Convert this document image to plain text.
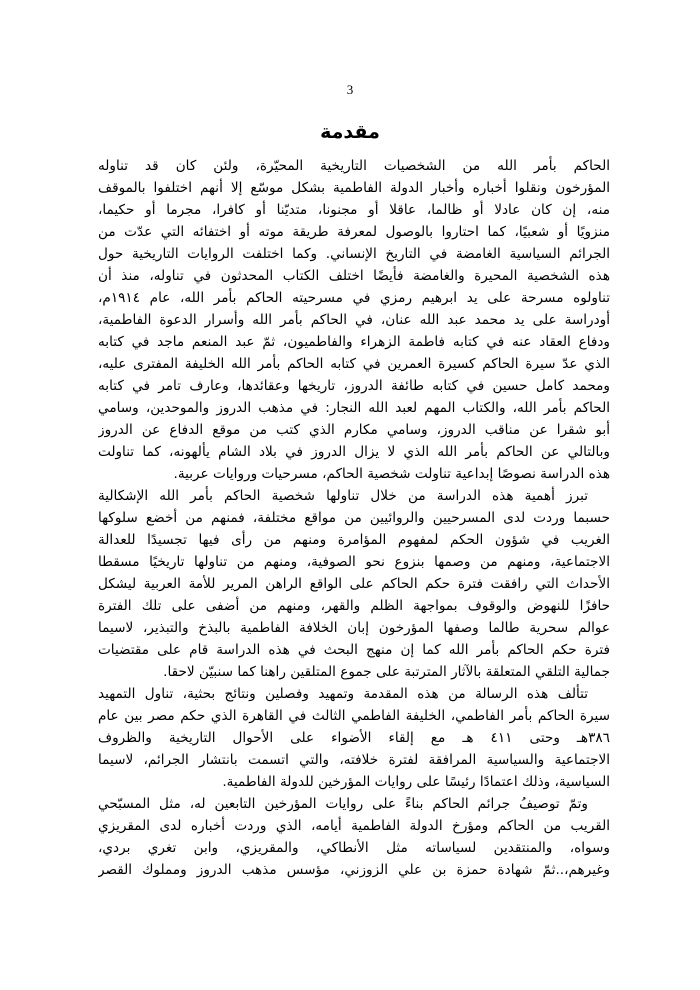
3
مقدمة
الحاكم بأمر الله من الشخصيات التاريخية المحيّرة، ولئن كان قد تناوله
المؤرخون ونقلوا أخباره وأخبار الدولة الفاطمية بشكل موسّع إلا أنهم اختلفوا بالموقف
منه، إن كان عادلا أو ظالما، عاقلا أو مجنونا، متديّنا أو كافرا، مجرما أو حكيما،
منزويًا أو شعبيًا، كما احتاروا بالوصول لمعرفة طريقة موته أو اختفائه التي عدّت من
الجرائم السياسية الغامضة في التاريخ الإنساني. وكما اختلفت الروايات التاريخية حول
هذه الشخصية المحيرة والغامضة فأيضًا اختلف الكتاب المحدثون في تناوله، منذ أن
تناولوه مسرحة على يد ابرهيم رمزي في مسرحيته الحاكم بأمر الله، عام ١٩١٤م،
أودراسة على يد محمد عبد الله عنان، في الحاكم بأمر الله وأسرار الدعوة الفاطمية،
ودفاع العقاد عنه في كتابه فاطمة الزهراء والفاطميون، ثمّ عبد المنعم ماجد في كتابه
الذي عدّ سيرة الحاكم كسيرة العمرين في كتابه الحاكم بأمر الله الخليفة المفترى عليه،
ومحمد كامل حسين في كتابه طائفة الدروز، تاريخها وعقائدها، وعارف تامر في كتابه
الحاكم بأمر الله، والكتاب المهم لعبد الله النجار: في مذهب الدروز والموحدين، وسامي
أبو شقرا عن مناقب الدروز، وسامي مكارم الذي كتب من موقع الدفاع عن الدروز
وبالتالي عن الحاكم بأمر الله الذي لا يزال الدروز في بلاد الشام يألهونه، كما تناولت
هذه الدراسة نصوصًا إبداعية تناولت شخصية الحاكم، مسرحيات وروايات عربية.
تبرز أهمية هذه الدراسة من خلال تناولها شخصية الحاكم بأمر الله الإشكالية
حسبما وردت لدى المسرحيين والروائيين من مواقع مختلفة، فمنهم من أخضع سلوكها
الغريب في شؤون الحكم لمفهوم المؤامرة ومنهم من رأى فيها تجسيدًا للعدالة
الاجتماعية، ومنهم من وصمها بنزوع نحو الصوفية، ومنهم من تناولها تاريخيًا مسقطا
الأحداث التي رافقت فترة حكم الحاكم على الواقع الراهن المرير للأمة العربية ليشكل
حافزًا للنهوض والوقوف بمواجهة الظلم والقهر، ومنهم من أضفى على تلك الفترة
عوالم سحرية طالما وصفها المؤرخون إبان الخلافة الفاطمية بالبذخ والتبذير، لاسيما
فترة حكم الحاكم بأمر الله كما إن منهج البحث في هذه الدراسة قام على مقتضيات
جمالية التلقي المتعلقة بالآثار المترتبة على جموع المتلقين راهنا كما سنبيّن لاحقا.
تتألف هذه الرسالة من هذه المقدمة وتمهيد وفصلين ونتائج بحثية، تناول التمهيد
سيرة الحاكم بأمر الفاطمي، الخليفة الفاطمي الثالث في القاهرة الذي حكم مصر بين عام
٣٨٦هـ وحتى ٤١١ هـ مع إلقاء الأضواء على الأحوال التاريخية والظروف
الاجتماعية والسياسية المرافقة لفترة خلافته، والتي اتسمت بانتشار الجرائم، لاسيما
السياسية، وذلك اعتمادًا رئيسًا على روايات المؤرخين للدولة الفاطمية.
وتمّ توصيفُ جرائم الحاكم بناءً على روايات المؤرخين التابعين له، مثل المسبّحي
القريب من الحاكم ومؤرخ الدولة الفاطمية أيامه، الذي وردت أخباره لدى المقريزي
وسواه، والمنتقدين لسياساته مثل الأنطاكي، والمقريزي، وابن تغري بردي،
وغيرهم،..ثمّ شهادة حمزة بن علي الزوزني، مؤسس مذهب الدروز ومملوك القصر
